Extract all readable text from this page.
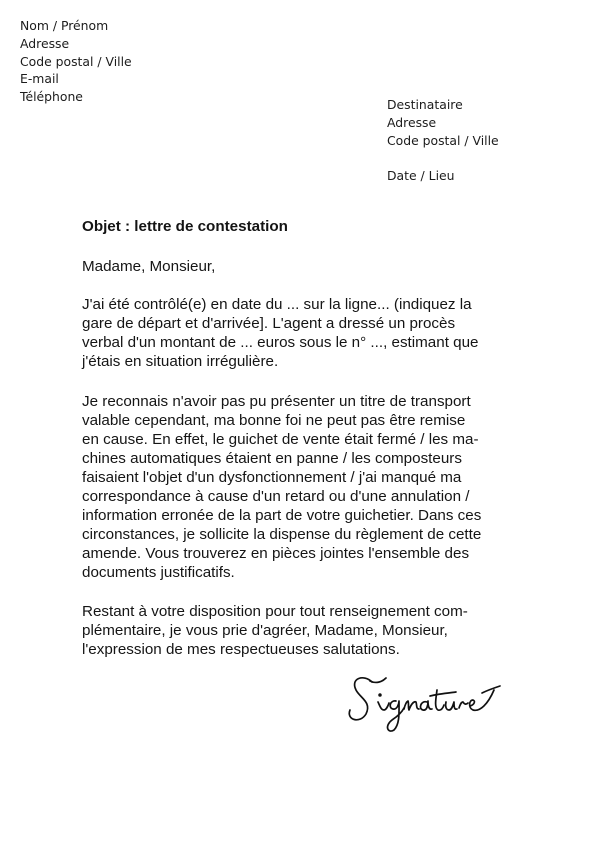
Nom / Prénom
Adresse
Code postal / Ville
E-mail
Téléphone
Destinataire
Adresse
Code postal / Ville
Date / Lieu
Objet : lettre de contestation
Madame, Monsieur,
J'ai été contrôlé(e) en date du ... sur la ligne... (indiquez la
gare de départ et d'arrivée]. L'agent a dressé un procès
verbal d'un montant de ... euros sous le n° ..., estimant que
j'étais en situation irrégulière.
Je reconnais n'avoir pas pu présenter un titre de transport
valable cependant, ma bonne foi ne peut pas être remise
en cause. En effet, le guichet de vente était fermé / les ma-
chines automatiques étaient en panne / les composteurs
faisaient l'objet d'un dysfonctionnement / j'ai manqué ma
correspondance à cause d'un retard ou d'une annulation /
information erronée de la part de votre guichetier. Dans ces
circonstances, je sollicite la dispense du règlement de cette
amende. Vous trouverez en pièces jointes l'ensemble des
documents justificatifs.
Restant à votre disposition pour tout renseignement com-
plémentaire, je vous prie d'agréer, Madame, Monsieur,
l'expression de mes respectueuses salutations.
